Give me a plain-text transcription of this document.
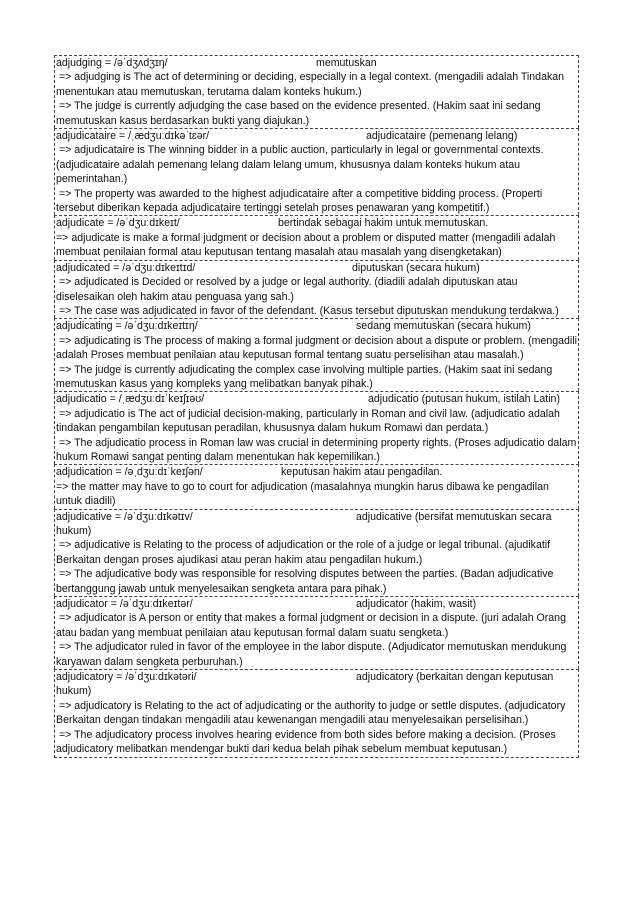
adjudging = /əˈdʒʌdʒɪŋ/	memutuskan
=> adjudging is The act of determining or deciding, especially in a legal context. (mengadili adalah Tindakan menentukan atau memutuskan, terutama dalam konteks hukum.)
=> The judge is currently adjudging the case based on the evidence presented. (Hakim saat ini sedang memutuskan kasus berdasarkan bukti yang diajukan.)
adjudicataire = /ˌædʒuːdɪkəˈtɛər/	adjudicataire (pemenang lelang)
=> adjudicataire is The winning bidder in a public auction, particularly in legal or governmental contexts. (adjudicataire adalah pemenang lelang dalam lelang umum, khususnya dalam konteks hukum atau pemerintahan.)
=> The property was awarded to the highest adjudicataire after a competitive bidding process. (Properti tersebut diberikan kepada adjudicataire tertinggi setelah proses penawaran yang kompetitif.)
adjudicate = /əˈdʒuːdɪkeɪt/	bertindak sebagai hakim untuk memutuskan.
=> adjudicate is make a formal judgment or decision about a problem or disputed matter (mengadili adalah membuat penilaian formal atau keputusan tentang masalah atau masalah yang disengketakan)
adjudicated = /əˈdʒuːdɪkeɪtɪd/	diputuskan (secara hukum)
=> adjudicated is Decided or resolved by a judge or legal authority. (diadili adalah diputuskan atau diselesaikan oleh hakim atau penguasa yang sah.)
=> The case was adjudicated in favor of the defendant. (Kasus tersebut diputuskan mendukung terdakwa.)
adjudicating = /əˈdʒuːdɪkeɪtɪŋ/	sedang memutuskan (secara hukum)
=> adjudicating is The process of making a formal judgment or decision about a dispute or problem. (mengadili adalah Proses membuat penilaian atau keputusan formal tentang suatu perselisihan atau masalah.)
=> The judge is currently adjudicating the complex case involving multiple parties. (Hakim saat ini sedang memutuskan kasus yang kompleks yang melibatkan banyak pihak.)
adjudicatio = /ˌædʒuːdɪˈkeɪʃɪəʊ/	adjudicatio (putusan hukum, istilah Latin)
=> adjudicatio is The act of judicial decision-making, particularly in Roman and civil law. (adjudicatio adalah tindakan pengambilan keputusan peradilan, khususnya dalam hukum Romawi dan perdata.)
=> The adjudicatio process in Roman law was crucial in determining property rights. (Proses adjudicatio dalam hukum Romawi sangat penting dalam menentukan hak kepemilikan.)
adjudication = /əˌdʒuːdɪˈkeɪʃən/	keputusan hakim atau pengadilan.
=> the matter may have to go to court for adjudication (masalahnya mungkin harus dibawa ke pengadilan untuk diadili)
adjudicative = /əˈdʒuːdɪkətɪv/	adjudicative (bersifat memutuskan secara hukum)
=> adjudicative is Relating to the process of adjudication or the role of a judge or legal tribunal. (ajudikatif Berkaitan dengan proses ajudikasi atau peran hakim atau pengadilan hukum.)
=> The adjudicative body was responsible for resolving disputes between the parties. (Badan adjudicative bertanggung jawab untuk menyelesaikan sengketa antara para pihak.)
adjudicator = /əˈdʒuːdɪkeɪtər/	adjudicator (hakim, wasit)
=> adjudicator is A person or entity that makes a formal judgment or decision in a dispute. (juri adalah Orang atau badan yang membuat penilaian atau keputusan formal dalam suatu sengketa.)
=> The adjudicator ruled in favor of the employee in the labor dispute. (Adjudicator memutuskan mendukung karyawan dalam sengketa perburuhan.)
adjudicatory = /əˈdʒuːdɪkətəri/	adjudicatory (berkaitan dengan keputusan hukum)
=> adjudicatory is Relating to the act of adjudicating or the authority to judge or settle disputes. (adjudicatory Berkaitan dengan tindakan mengadili atau kewenangan mengadili atau menyelesaikan perselisihan.)
=> The adjudicatory process involves hearing evidence from both sides before making a decision. (Proses adjudicatory melibatkan mendengar bukti dari kedua belah pihak sebelum membuat keputusan.)
